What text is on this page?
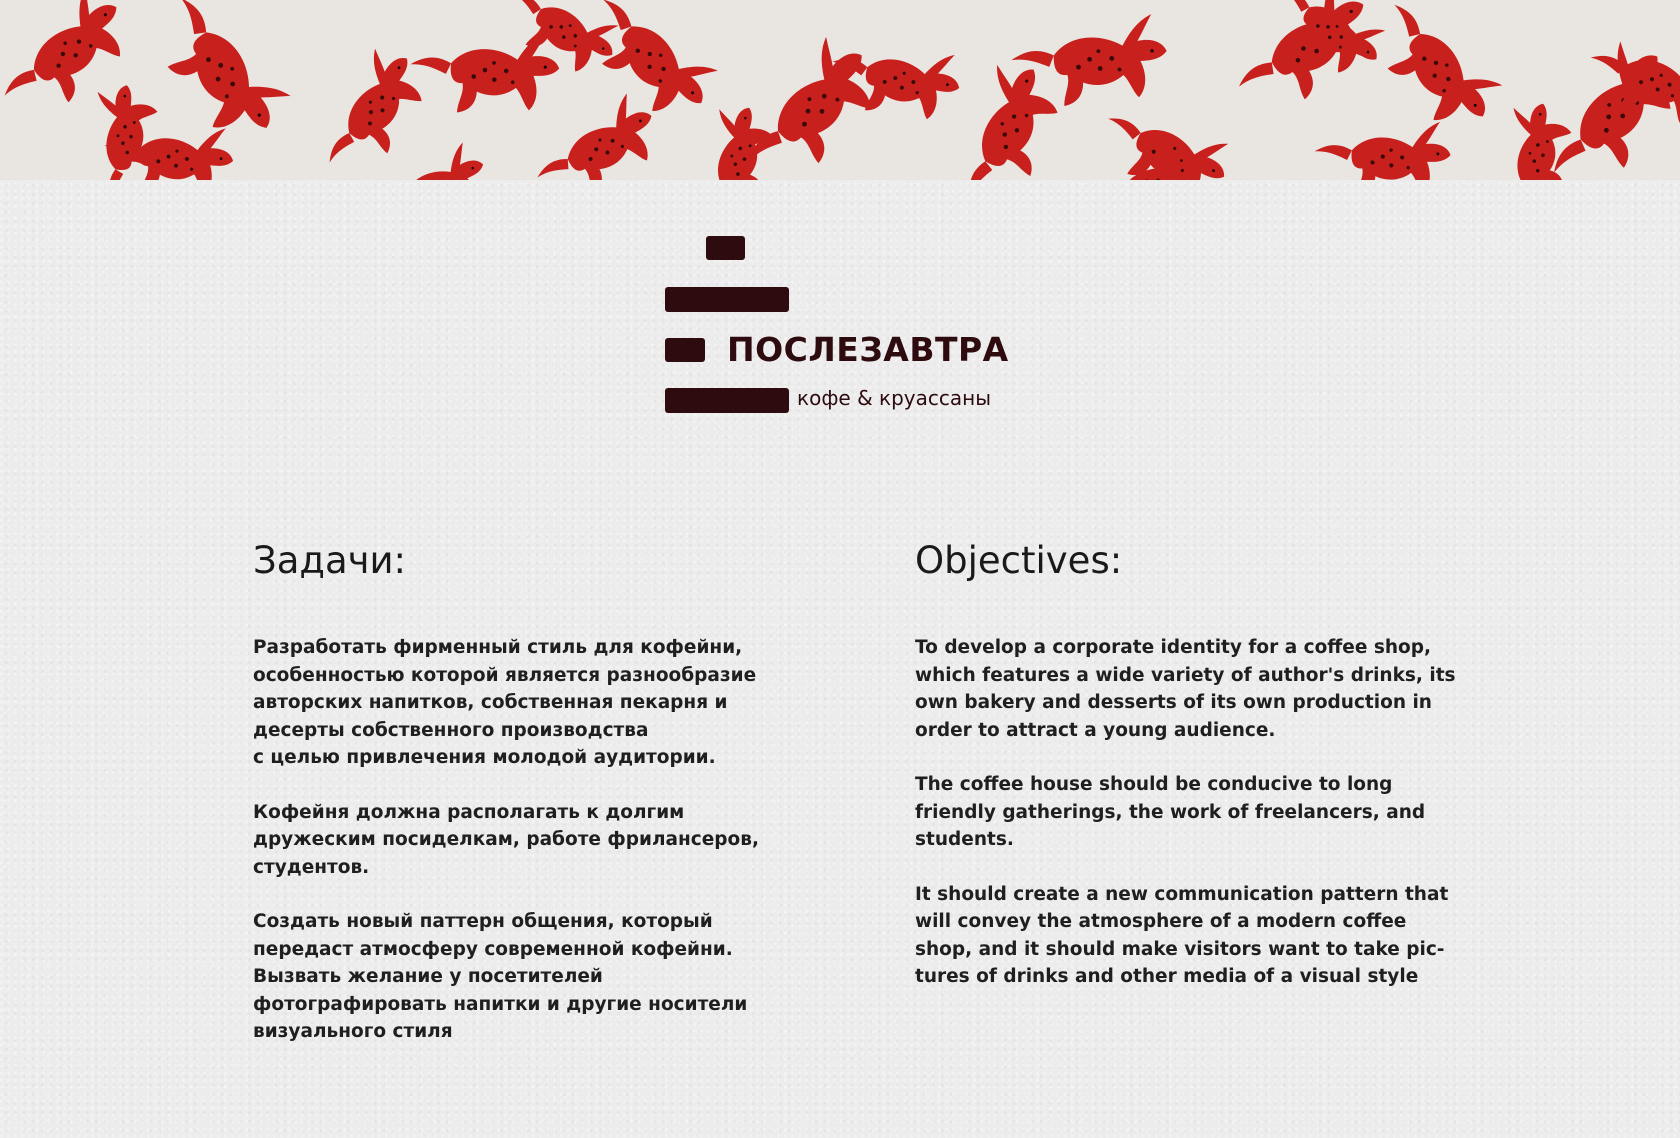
ПОСЛЕЗАВТРА
кофе & круассаны
Задачи:

Разработать фирменный стиль для кофейни,
особенностью которой является разнообразие
авторских напитков, собственная пекарня и
десерты собственного производства
с целью привлечения молодой аудитории.

Кофейня должна располагать к долгим
дружеским посиделкам, работе фрилансеров,
студентов.

Создать новый паттерн общения, который
передаст атмосферу современной кофейни.
Вызвать желание у посетителей
фотографировать напитки и другие носители
визуального стиля

Objectives:

To develop a corporate identity for a coffee shop,
which features a wide variety of author's drinks, its
own bakery and desserts of its own production in
order to attract a young audience.

The coffee house should be conducive to long
friendly gatherings, the work of freelancers, and
students.

It should create a new communication pattern that
will convey the atmosphere of a modern coffee
shop, and it should make visitors want to take pic-
tures of drinks and other media of a visual style
